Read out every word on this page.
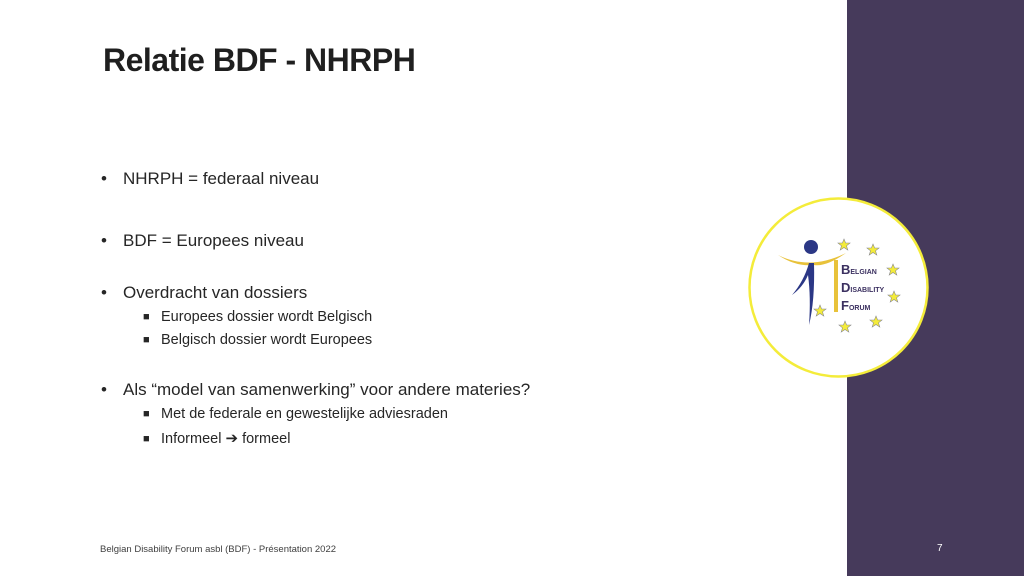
Relatie BDF - NHRPH
• NHRPH = federaal niveau
• BDF = Europees niveau
• Overdracht van dossiers
■ Europees dossier wordt Belgisch
■ Belgisch dossier wordt Europees
• Als “model van samenwerking” voor andere materies?
■ Met de federale en gewestelijke adviesraden
■ Informeel ➔ formeel
BELGIAN
DISABILITY
FORUM
Belgian Disability Forum asbl (BDF) - Présentation 2022	7
